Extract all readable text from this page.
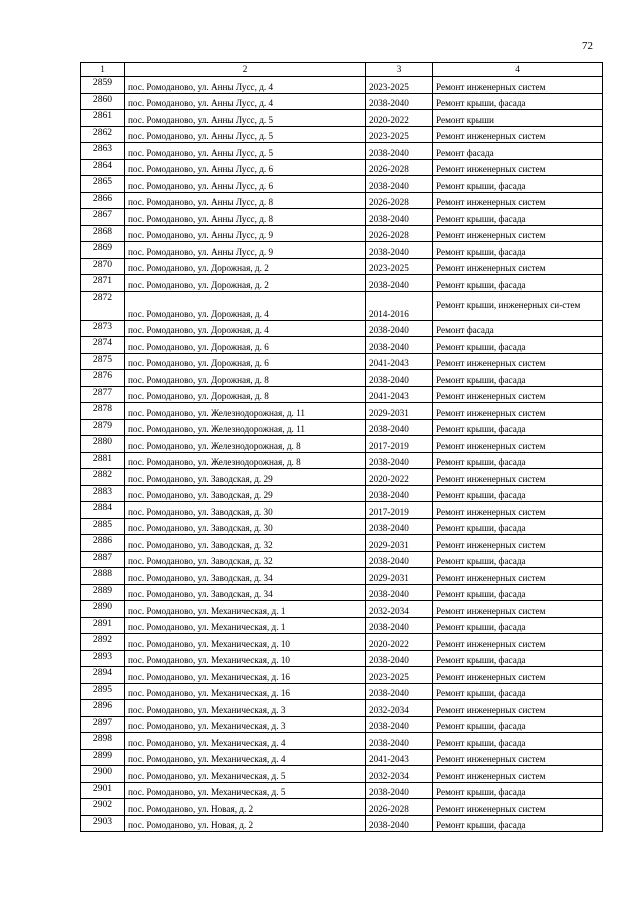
72
1	2	3	4
2859	пос. Ромоданово, ул. Анны Лусс, д. 4	2023-2025	Ремонт инженерных систем
2860	пос. Ромоданово, ул. Анны Лусс, д. 4	2038-2040	Ремонт крыши, фасада
2861	пос. Ромоданово, ул. Анны Лусс, д. 5	2020-2022	Ремонт крыши
2862	пос. Ромоданово, ул. Анны Лусс, д. 5	2023-2025	Ремонт инженерных систем
2863	пос. Ромоданово, ул. Анны Лусс, д. 5	2038-2040	Ремонт фасада
2864	пос. Ромоданово, ул. Анны Лусс, д. 6	2026-2028	Ремонт инженерных систем
2865	пос. Ромоданово, ул. Анны Лусс, д. 6	2038-2040	Ремонт крыши, фасада
2866	пос. Ромоданово, ул. Анны Лусс, д. 8	2026-2028	Ремонт инженерных систем
2867	пос. Ромоданово, ул. Анны Лусс, д. 8	2038-2040	Ремонт крыши, фасада
2868	пос. Ромоданово, ул. Анны Лусс, д. 9	2026-2028	Ремонт инженерных систем
2869	пос. Ромоданово, ул. Анны Лусс, д. 9	2038-2040	Ремонт крыши, фасада
2870	пос. Ромоданово, ул. Дорожная, д. 2	2023-2025	Ремонт инженерных систем
2871	пос. Ромоданово, ул. Дорожная, д. 2	2038-2040	Ремонт крыши, фасада
2872	пос. Ромоданово, ул. Дорожная, д. 4	2014-2016	Ремонт крыши, инженерных си-стем
2873	пос. Ромоданово, ул. Дорожная, д. 4	2038-2040	Ремонт фасада
2874	пос. Ромоданово, ул. Дорожная, д. 6	2038-2040	Ремонт крыши, фасада
2875	пос. Ромоданово, ул. Дорожная, д. 6	2041-2043	Ремонт инженерных систем
2876	пос. Ромоданово, ул. Дорожная, д. 8	2038-2040	Ремонт крыши, фасада
2877	пос. Ромоданово, ул. Дорожная, д. 8	2041-2043	Ремонт инженерных систем
2878	пос. Ромоданово, ул. Железнодорожная, д. 11	2029-2031	Ремонт инженерных систем
2879	пос. Ромоданово, ул. Железнодорожная, д. 11	2038-2040	Ремонт крыши, фасада
2880	пос. Ромоданово, ул. Железнодорожная, д. 8	2017-2019	Ремонт инженерных систем
2881	пос. Ромоданово, ул. Железнодорожная, д. 8	2038-2040	Ремонт крыши, фасада
2882	пос. Ромоданово, ул. Заводская, д. 29	2020-2022	Ремонт инженерных систем
2883	пос. Ромоданово, ул. Заводская, д. 29	2038-2040	Ремонт крыши, фасада
2884	пос. Ромоданово, ул. Заводская, д. 30	2017-2019	Ремонт инженерных систем
2885	пос. Ромоданово, ул. Заводская, д. 30	2038-2040	Ремонт крыши, фасада
2886	пос. Ромоданово, ул. Заводская, д. 32	2029-2031	Ремонт инженерных систем
2887	пос. Ромоданово, ул. Заводская, д. 32	2038-2040	Ремонт крыши, фасада
2888	пос. Ромоданово, ул. Заводская, д. 34	2029-2031	Ремонт инженерных систем
2889	пос. Ромоданово, ул. Заводская, д. 34	2038-2040	Ремонт крыши, фасада
2890	пос. Ромоданово, ул. Механическая, д. 1	2032-2034	Ремонт инженерных систем
2891	пос. Ромоданово, ул. Механическая, д. 1	2038-2040	Ремонт крыши, фасада
2892	пос. Ромоданово, ул. Механическая, д. 10	2020-2022	Ремонт инженерных систем
2893	пос. Ромоданово, ул. Механическая, д. 10	2038-2040	Ремонт крыши, фасада
2894	пос. Ромоданово, ул. Механическая, д. 16	2023-2025	Ремонт инженерных систем
2895	пос. Ромоданово, ул. Механическая, д. 16	2038-2040	Ремонт крыши, фасада
2896	пос. Ромоданово, ул. Механическая, д. 3	2032-2034	Ремонт инженерных систем
2897	пос. Ромоданово, ул. Механическая, д. 3	2038-2040	Ремонт крыши, фасада
2898	пос. Ромоданово, ул. Механическая, д. 4	2038-2040	Ремонт крыши, фасада
2899	пос. Ромоданово, ул. Механическая, д. 4	2041-2043	Ремонт инженерных систем
2900	пос. Ромоданово, ул. Механическая, д. 5	2032-2034	Ремонт инженерных систем
2901	пос. Ромоданово, ул. Механическая, д. 5	2038-2040	Ремонт крыши, фасада
2902	пос. Ромоданово, ул. Новая, д. 2	2026-2028	Ремонт инженерных систем
2903	пос. Ромоданово, ул. Новая, д. 2	2038-2040	Ремонт крыши, фасада
